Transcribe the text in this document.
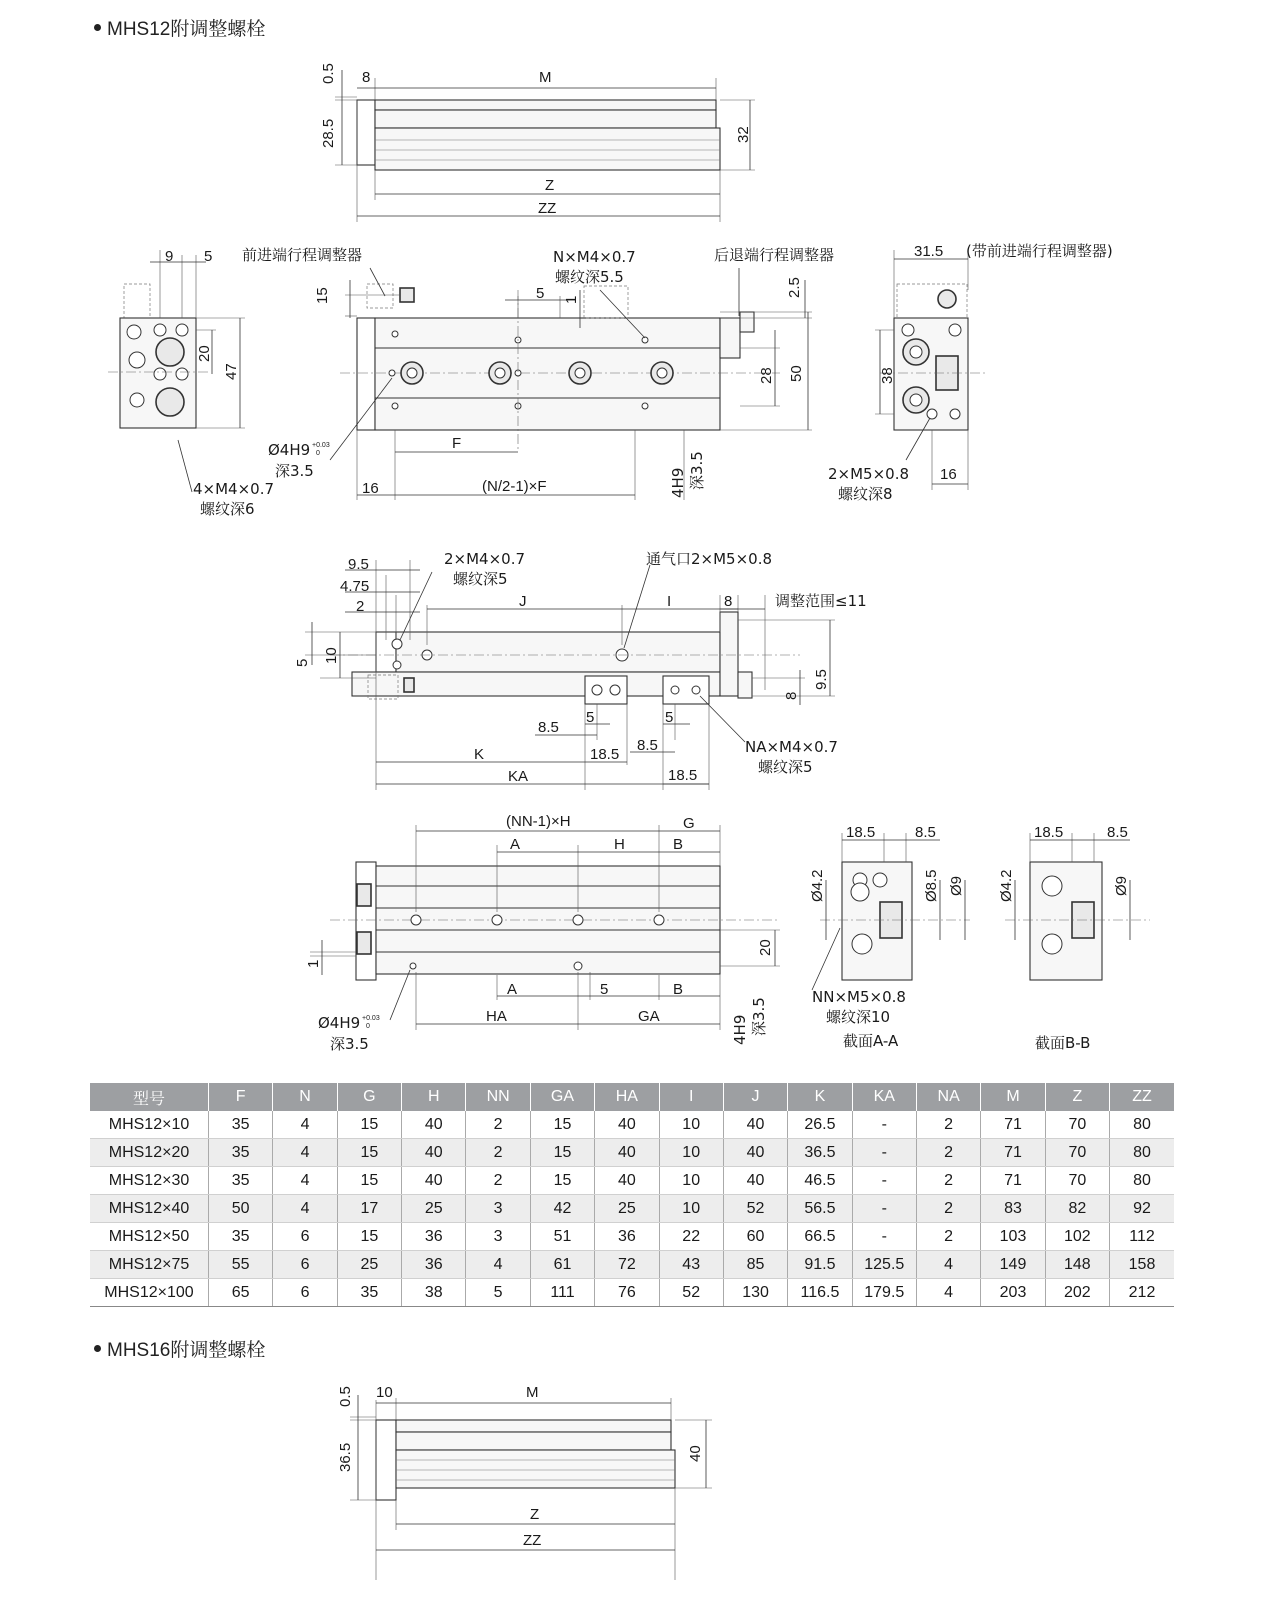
MHS12附调整螺栓
0.5 8	M
28.5	32
Z
ZZ
9 5
20
47
4×M4×0.7
螺纹深6
前进端行程调整器	N×M4×0.7
螺纹深5.5
后退端行程调整器
15	5 1
2.5
28 50
F
16	(N/2-1)×F
Ø4H9 +0.03
0
深3.5	4H9 深3.5
31.5 (带前进端行程调整器)
38
16
2×M5×0.8
螺纹深8
9.5
4.75
2
2×M4×0.7
螺纹深5
通气口2×M5×0.8
J	I	8	调整范围≤11
5 10
9.5
8
8.5
5
18.5
5
8.5
K
KA	18.5
NA×M4×0.7
螺纹深5
(NN-1)×H	G
A	H	B
20
1
A	5	B
HA	GA
Ø4H9 +0.03
0
深3.5	4H9 深3.5
18.5	8.5
Ø4.2	Ø8.5 Ø9
NN×M5×0.8
螺纹深10
截面A-A
18.5	8.5
Ø4.2	Ø9
截面B-B
型号	F	N	G	H	NN	GA	HA	I	J	K	KA	NA	M	Z	ZZ
MHS12×10	35	4	15	40	2	15	40	10	40	26.5	-	2	71	70	80
MHS12×20	35	4	15	40	2	15	40	10	40	36.5	-	2	71	70	80
MHS12×30	35	4	15	40	2	15	40	10	40	46.5	-	2	71	70	80
MHS12×40	50	4	17	25	3	42	25	10	52	56.5	-	2	83	82	92
MHS12×50	35	6	15	36	3	51	36	22	60	66.5	-	2	103	102	112
MHS12×75	55	6	25	36	4	61	72	43	85	91.5	125.5	4	149	148	158
MHS12×100	65	6	35	38	5	111	76	52	130	116.5	179.5	4	203	202	212
MHS16附调整螺栓
0.5 10	M
36.5	40
Z
ZZ
